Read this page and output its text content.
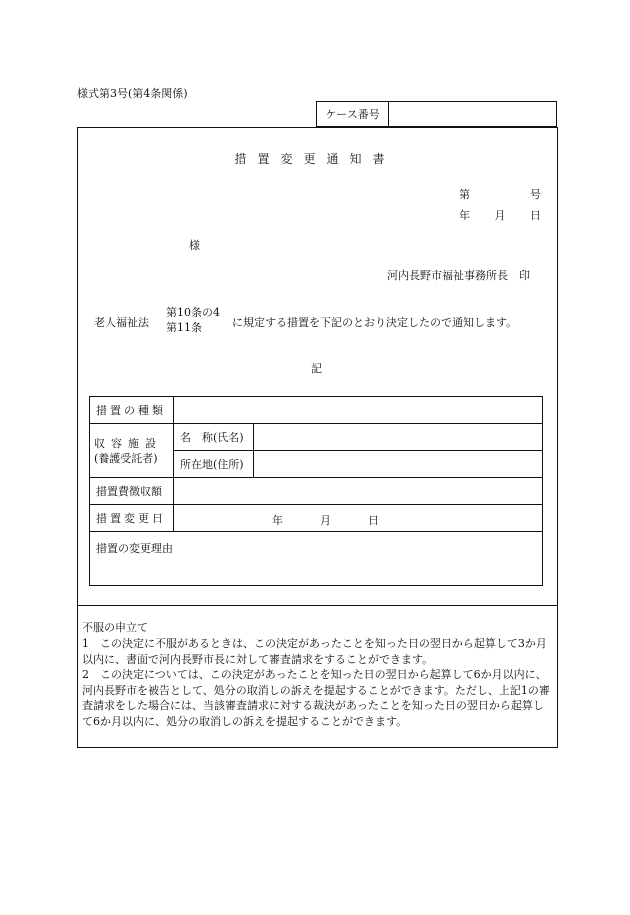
様式第3号(第4条関係)
ケース番号
措置変更通知書
第	号
年 月 日
様
河内長野市福祉事務所長　印
老人福祉法
第10条の4
第11条	に規定する措置を下記のとおり決定したので通知します。
記
措置の種類		

収容施設
(養護受託者)	名　称(氏名)	
	所在地(住所)	
措置費徴収額		
措置変更日	年 月 日	

措置の変更理由		
不服の申立て
1　 この決定に不服があるときは、この決定があったことを知った日の翌日から起算して3か月以内に、書面で河内長野市長に対して審査請求をすることができます。
2　 この決定については、この決定があったことを知った日の翌日から起算して6か月以内に、河内長野市を被告として、処分の取消しの訴えを提起することができます。ただし、上記1の審査請求をした場合には、当該審査請求に対する裁決があったことを知った日の翌日から起算して6か月以内に、処分の取消しの訴えを提起することができます。
